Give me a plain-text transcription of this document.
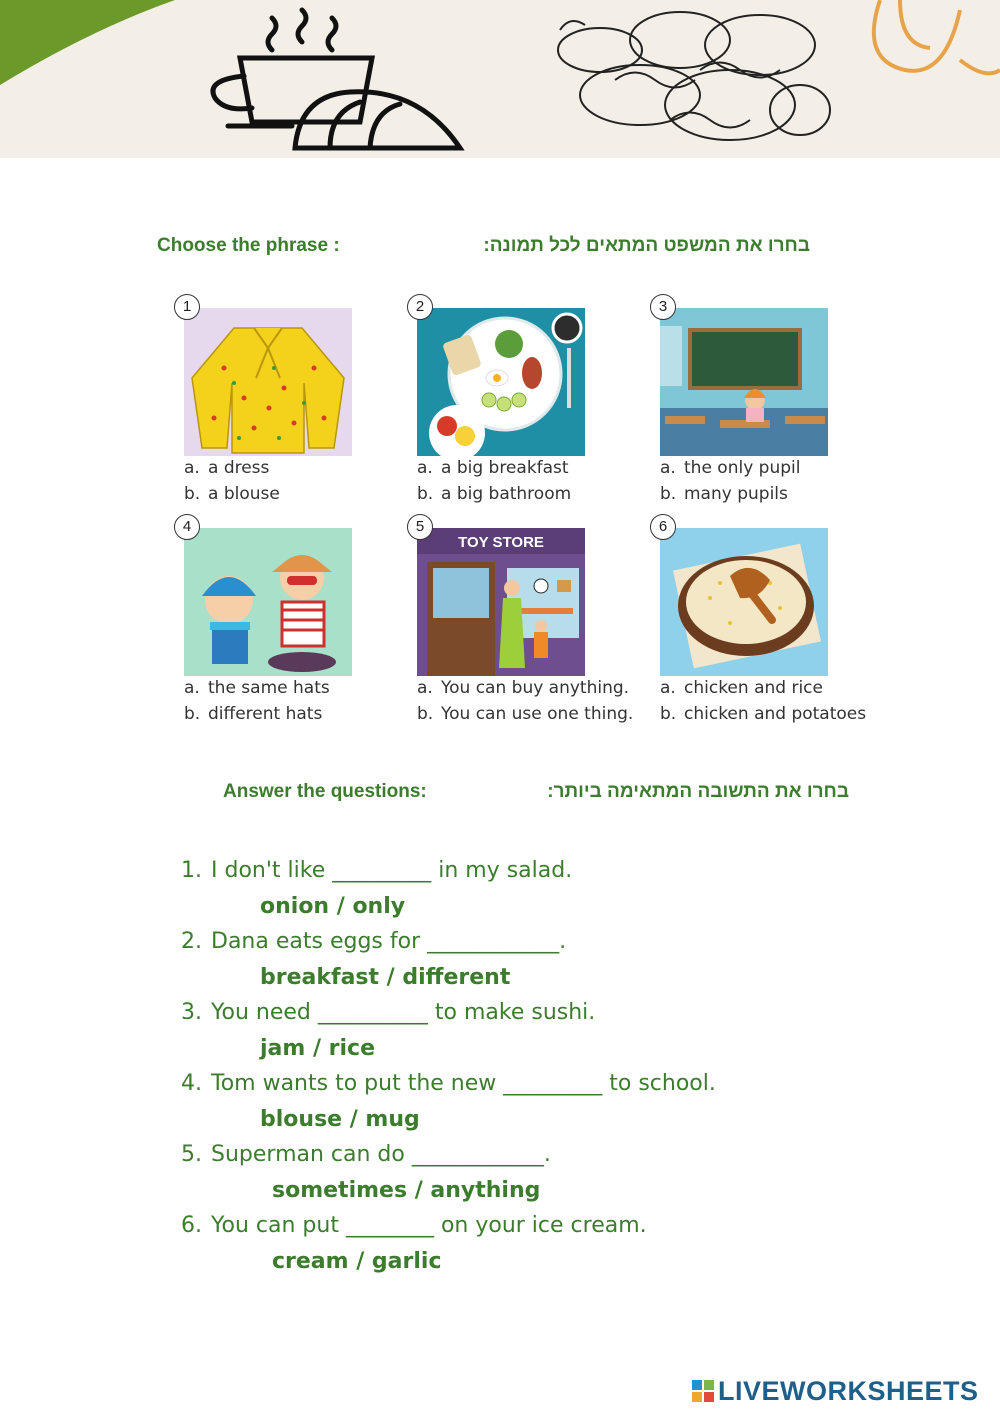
Choose the phrase :	בחרו את המשפט המתאים לכל תמונה:
1
a. a dress
b. a blouse
2
a. a big breakfast
b. a big bathroom
3
a. the only pupil
b. many pupils
4
a. the same hats
b. different hats
5
TOY STORE
a. You can buy anything.
b. You can use one thing.
6
a. chicken and rice
b. chicken and potatoes
Answer the questions:	בחרו את התשובה המתאימה ביותר:
1. I don't like _________ in my salad.
onion / only
2. Dana eats eggs for ____________.
breakfast / different
3. You need __________ to make sushi.
jam / rice
4. Tom wants to put the new _________ to school.
blouse / mug
5. Superman can do ____________.
sometimes / anything
6. You can put ________ on your ice cream.
cream / garlic
LIVEWORKSHEETS
